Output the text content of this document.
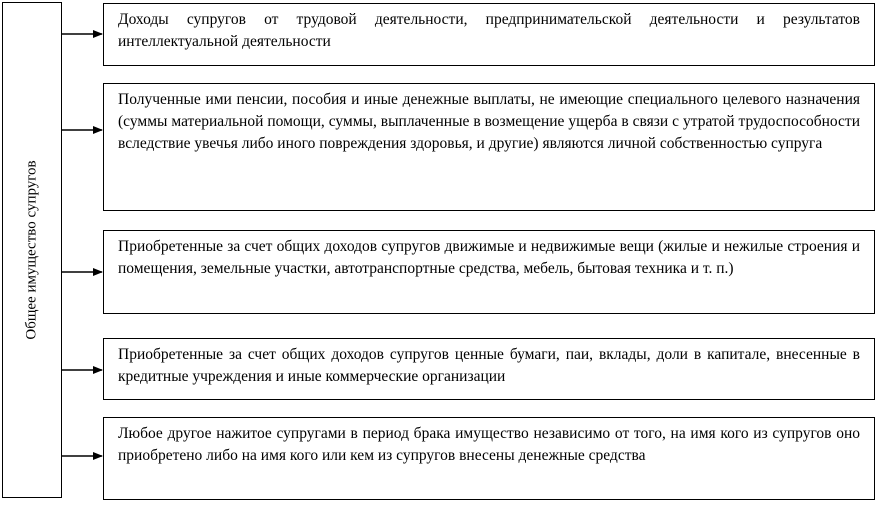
Общее имущество супругов
Доходы супругов от трудовой деятельности, предпринимательской деятельности и результатов интеллектуальной деятельности
Полученные ими пенсии, пособия и иные денежные выплаты, не имеющие специального целевого назначения (суммы материальной помощи, суммы, выплаченные в возмещение ущерба в связи с утратой трудоспособности вследствие увечья либо иного повреждения здоровья, и другие) являются личной собственностью супруга
Приобретенные за счет общих доходов супругов движимые и недвижимые вещи (жилые и нежилые строения и помещения, земельные участки, автотранспортные средства, мебель, бытовая техника и т. п.)
Приобретенные за счет общих доходов супругов ценные бумаги, паи, вклады, доли в капитале, внесенные в кредитные учреждения и иные коммерческие организации
Любое другое нажитое супругами в период брака имущество независимо от того, на имя кого из супругов оно приобретено либо на имя кого или кем из супругов внесены денежные средства
